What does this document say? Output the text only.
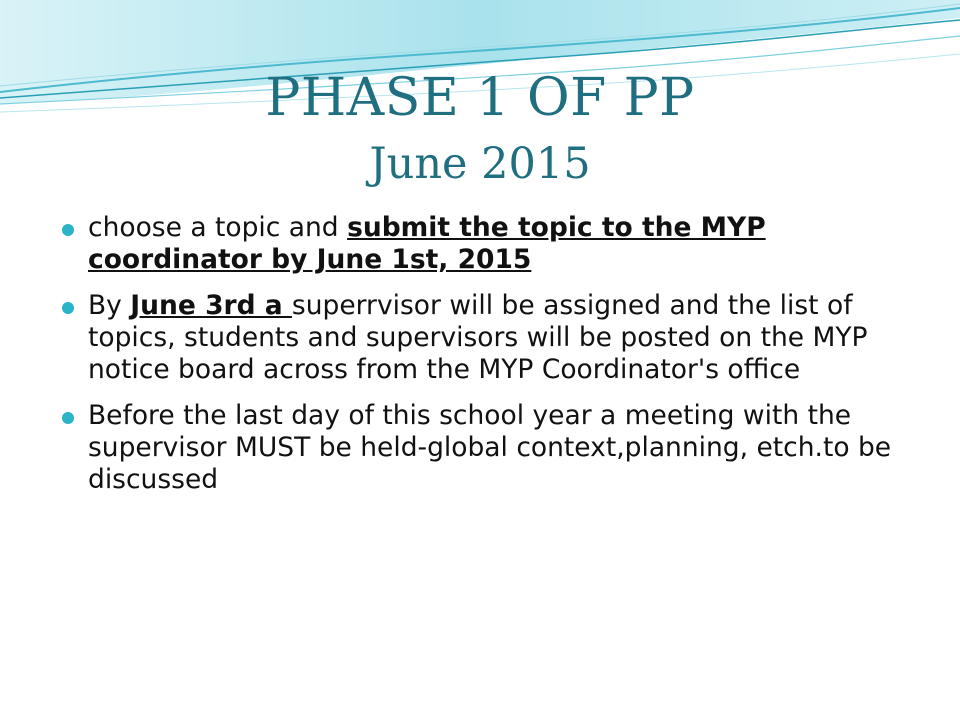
PHASE 1 OF PP
June 2015
choose a topic and submit the topic to the MYP coordinator by June 1st, 2015
By June 3rd a superrvisor will be assigned and the list of topics, students and supervisors will be posted on the MYP notice board across from the MYP Coordinator's office
Before the last day of this school year a meeting with the supervisor MUST be held-global context,planning, etch.to be discussed
